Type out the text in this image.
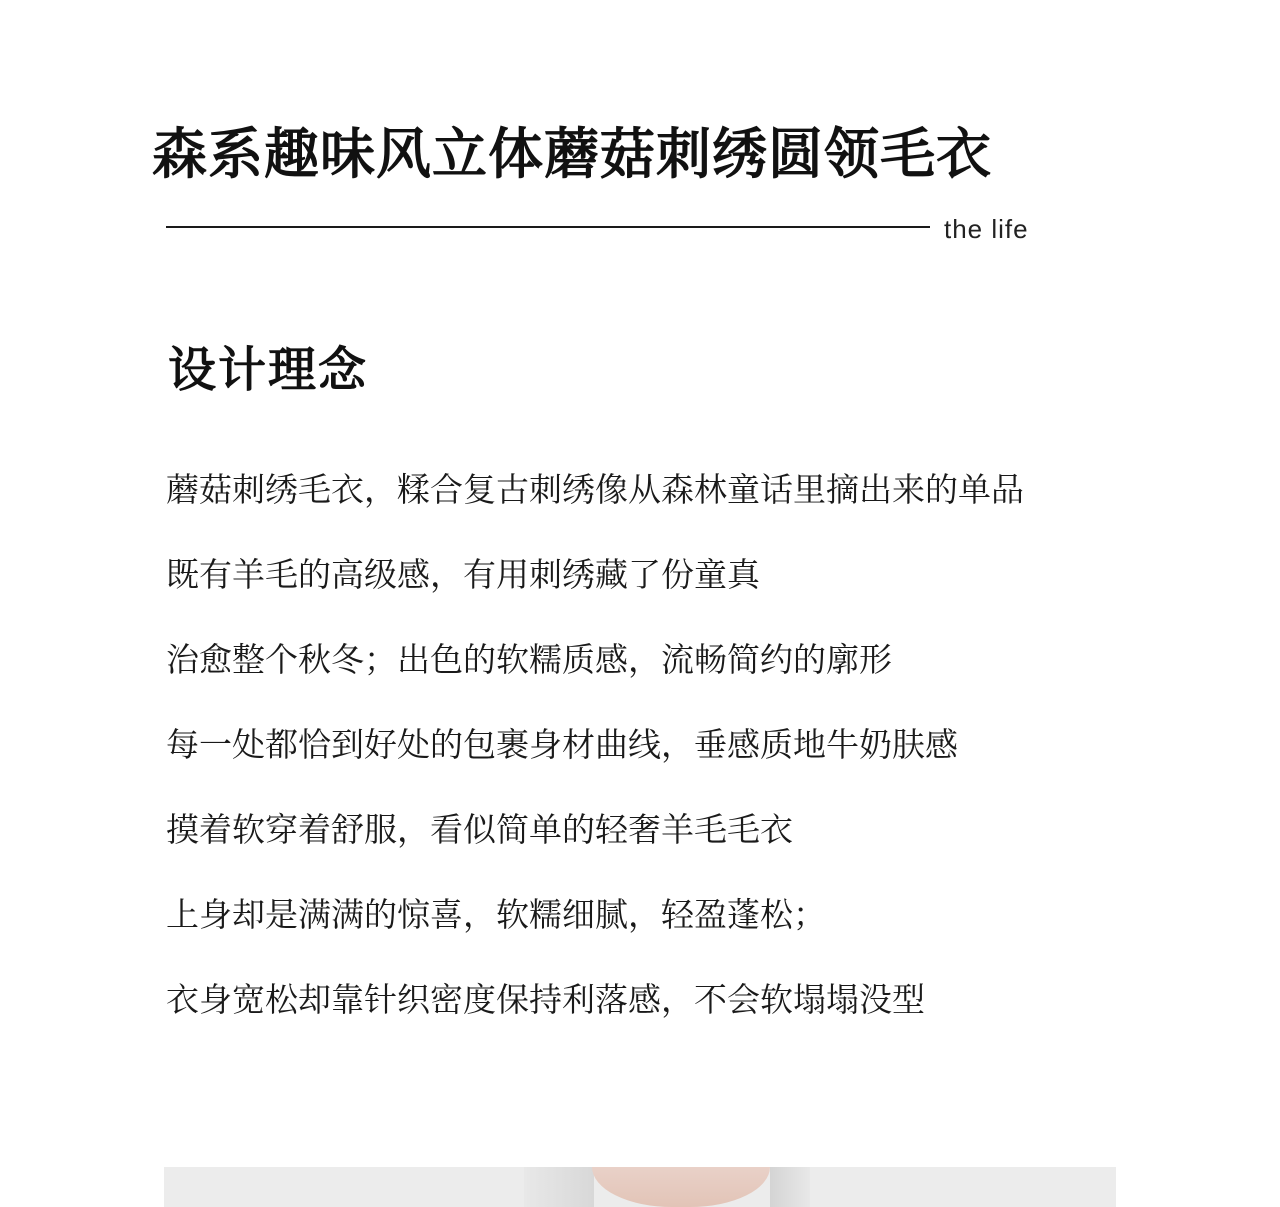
森系趣味风立体蘑菇刺绣圆领毛衣
the life
设计理念
蘑菇刺绣毛衣，糅合复古刺绣像从森林童话里摘出来的单品
既有羊毛的高级感，有用刺绣藏了份童真
治愈整个秋冬；出色的软糯质感，流畅简约的廓形
每一处都恰到好处的包裹身材曲线，垂感质地牛奶肤感
摸着软穿着舒服，看似简单的轻奢羊毛毛衣
上身却是满满的惊喜，软糯细腻，轻盈蓬松；
衣身宽松却靠针织密度保持利落感，不会软塌塌没型
